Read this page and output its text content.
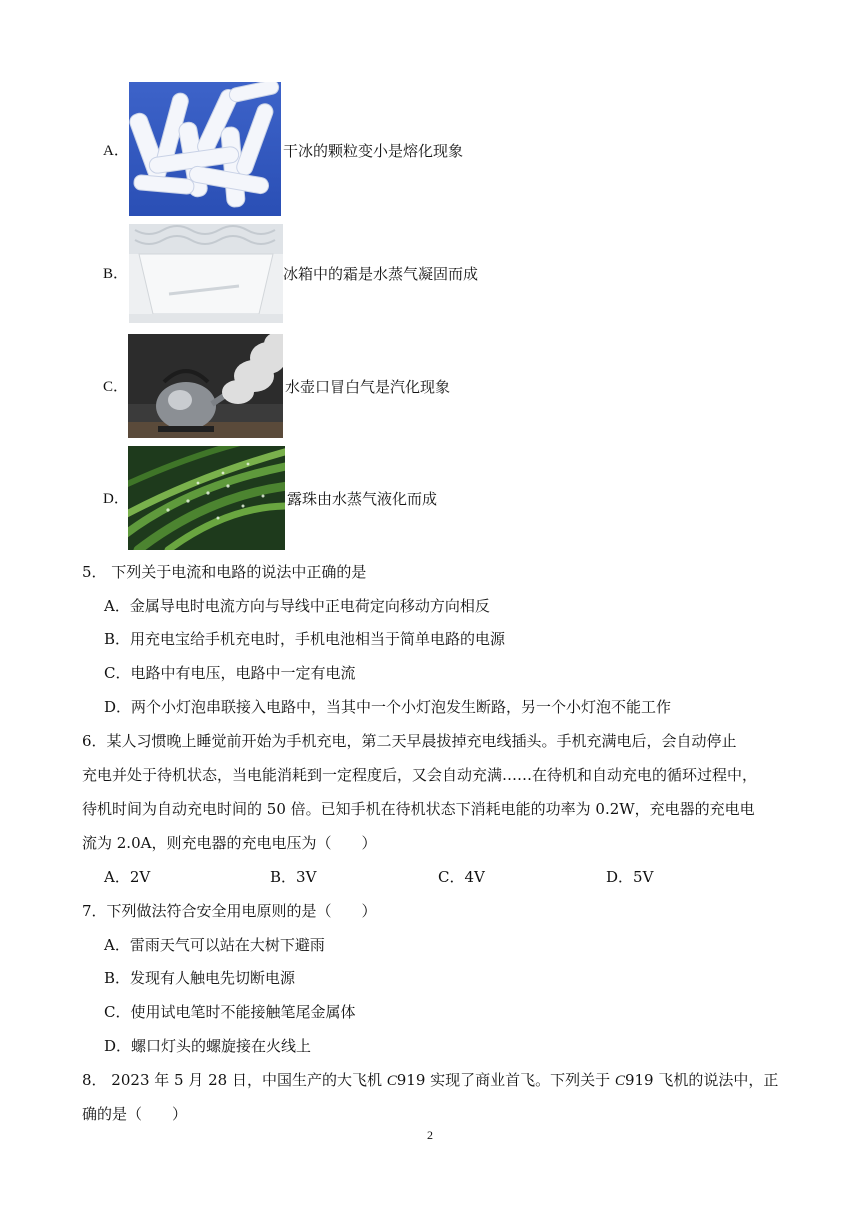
A．	干冰的颗粒变小是熔化现象
B．	冰箱中的霜是水蒸气凝固而成
C．	水壶口冒白气是汽化现象
D．	露珠由水蒸气液化而成
5． 下列关于电流和电路的说法中正确的是
A．金属导电时电流方向与导线中正电荷定向移动方向相反
B．用充电宝给手机充电时，手机电池相当于简单电路的电源
C．电路中有电压，电路中一定有电流
D．两个小灯泡串联接入电路中，当其中一个小灯泡发生断路，另一个小灯泡不能工作
6．某人习惯晚上睡觉前开始为手机充电，第二天早晨拔掉充电线插头。手机充满电后，会自动停止
充电并处于待机状态，当电能消耗到一定程度后，又会自动充满……在待机和自动充电的循环过程中，
待机时间为自动充电时间的 50 倍。已知手机在待机状态下消耗电能的功率为 0.2W，充电器的充电电
流为 2.0A，则充电器的充电电压为（　　）
A．2V	B．3V	C．4V	D．5V
7．下列做法符合安全用电原则的是（　　）
A．雷雨天气可以站在大树下避雨
B．发现有人触电先切断电源
C．使用试电笔时不能接触笔尾金属体
D．螺口灯头的螺旋接在火线上
8． 2023 年 5 月 28 日，中国生产的大飞机 C919 实现了商业首飞。下列关于 C919 飞机的说法中，正
确的是（　　）
2
